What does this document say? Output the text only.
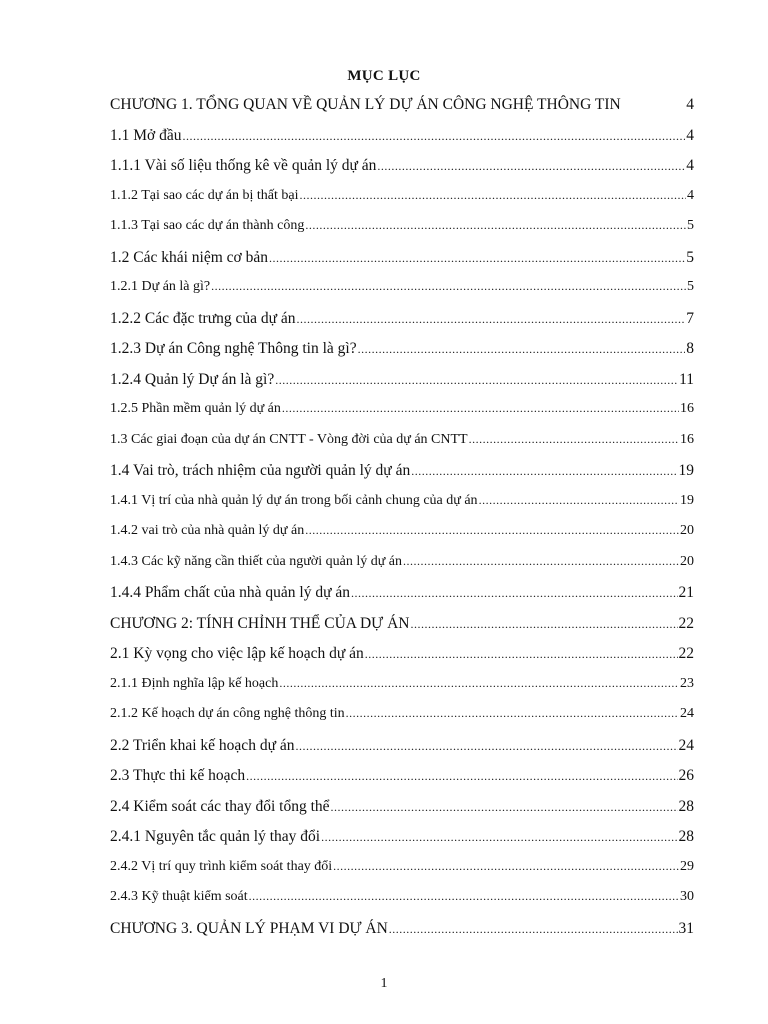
MỤC LỤC
CHƯƠNG 1. TỔNG QUAN VỀ QUẢN LÝ DỰ ÁN CÔNG NGHỆ THÔNG TIN	4
1.1 Mở đầu .....	4
1.1.1 Vài số liệu thống kê về quản lý dự án .....	4
1.1.2 Tại sao các dự án bị thất bại .....	4
1.1.3 Tại sao các dự án thành công .....	5
1.2 Các khái niệm cơ bản .....	5
1.2.1 Dự án là gì? .....	5
1.2.2 Các đặc trưng của dự án .....	7
1.2.3 Dự án Công nghệ Thông tin là gì? .....	8
1.2.4 Quản lý Dự án là gì? .....	11
1.2.5 Phần mềm quản lý dự án .....	16
1.3 Các giai đoạn của dự án CNTT - Vòng đời của dự án CNTT .....	16
1.4 Vai trò, trách nhiệm của người quản lý dự án .....	19
1.4.1 Vị trí của nhà quản lý dự án trong bối cảnh chung của dự án .....	19
1.4.2 vai trò của nhà quản lý dự án .....	20
1.4.3 Các kỹ năng cần thiết của người quản lý dự án .....	20
1.4.4 Phẩm chất của nhà quản lý dự án .....	21
CHƯƠNG 2: TÍNH CHỈNH THỂ CỦA DỰ ÁN .....	22
2.1 Kỳ vọng cho việc lập kế hoạch dự án .....	22
2.1.1 Định nghĩa lập kế hoạch .....	23
2.1.2 Kế hoạch dự án công nghệ thông tin .....	24
2.2 Triển khai kế hoạch dự án .....	24
2.3 Thực thi kế hoạch .....	26
2.4 Kiểm soát các thay đổi tổng thể .....	28
2.4.1 Nguyên tắc quản lý thay đổi .....	28
2.4.2 Vị trí quy trình kiểm soát thay đổi .....	29
2.4.3 Kỹ thuật kiểm soát .....	30
CHƯƠNG 3. QUẢN LÝ PHẠM VI DỰ ÁN .....	31
1
